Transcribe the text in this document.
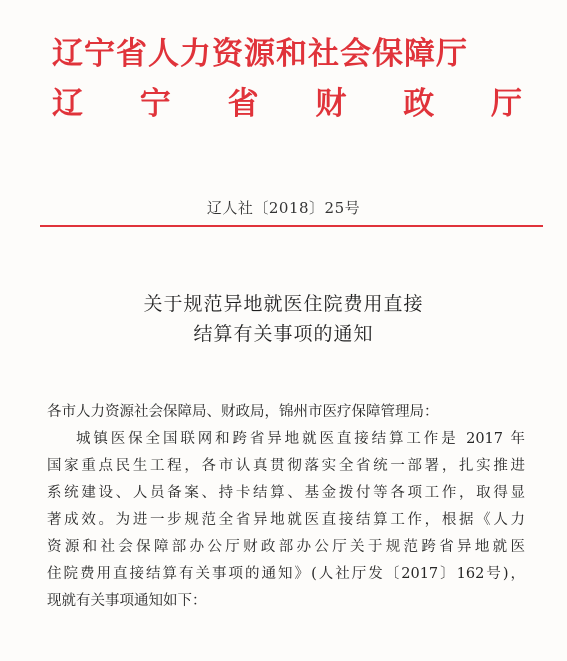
辽宁省人力资源和社会保障厅
辽 宁 省 财 政 厅
辽人社〔2018〕25号
关于规范异地就医住院费用直接
结算有关事项的通知

各市人力资源社会保障局、财政局，锦州市医疗保障管理局：

城镇医保全国联网和跨省异地就医直接结算工作是 2017 年

国家重点民生工程，各市认真贯彻落实全省统一部署，扎实推进

系统建设、人员备案、持卡结算、基金拨付等各项工作，取得显

著成效。为进一步规范全省异地就医直接结算工作，根据《人力

资源和社会保障部办公厅财政部办公厅关于规范跨省异地就医

住院费用直接结算有关事项的通知》(人社厅发〔2017〕162号)，

现就有关事项通知如下：
